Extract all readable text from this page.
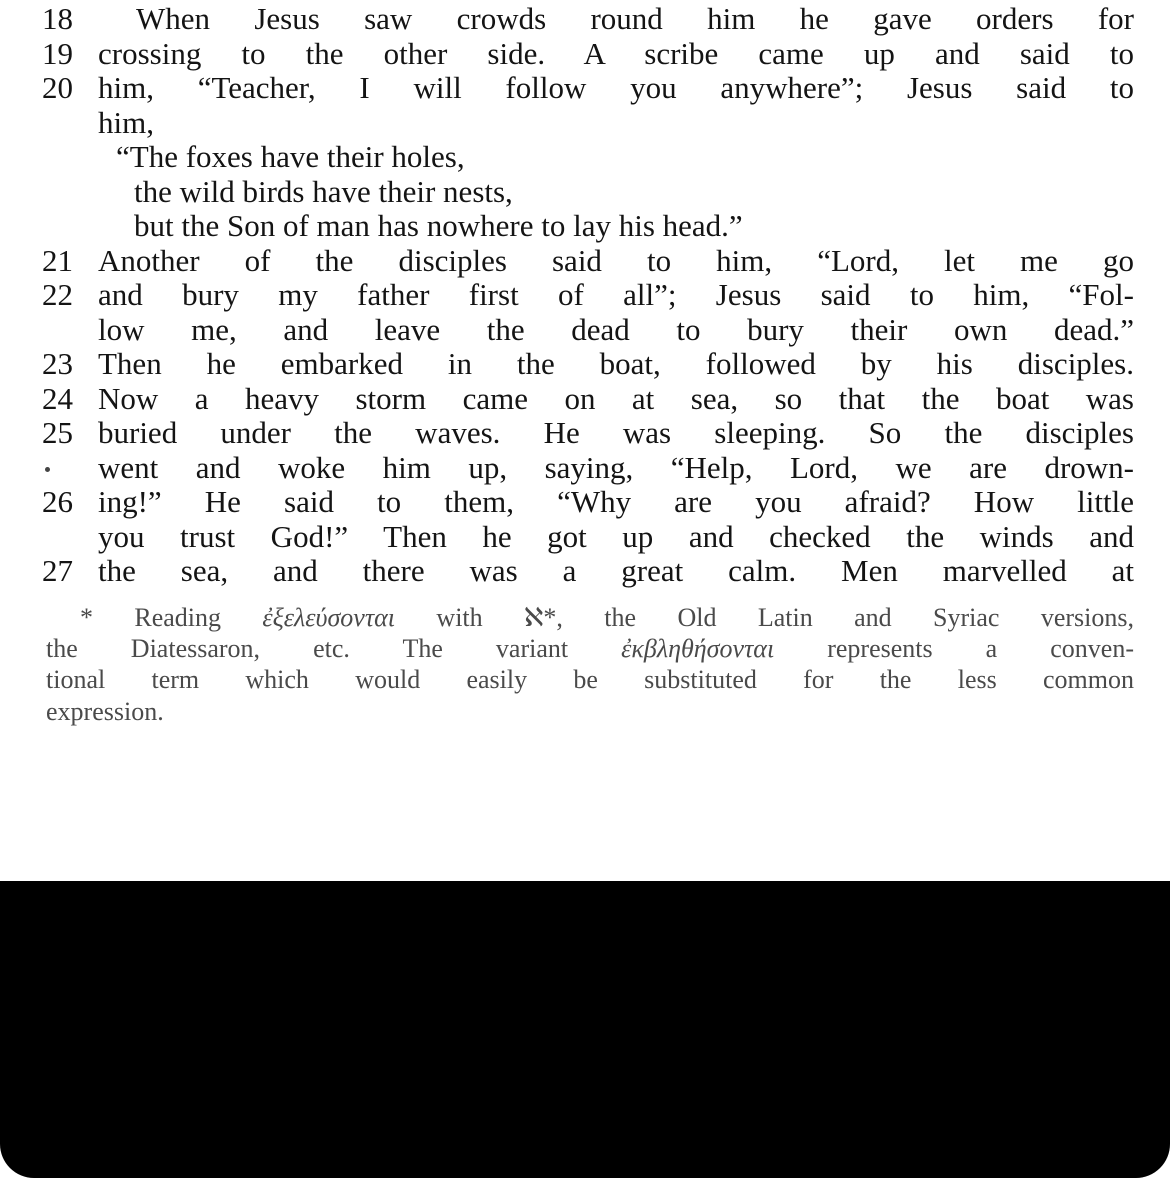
18 When Jesus saw crowds round him he gave orders for
19 crossing to the other side. A scribe came up and said to
20 him, “Teacher, I will follow you anywhere”; Jesus said to
him,
“The foxes have their holes,
the wild birds have their nests,
but the Son of man has nowhere to lay his head.”
21 Another of the disciples said to him, “Lord, let me go
22 and bury my father first of all”; Jesus said to him, “Fol-
low me, and leave the dead to bury their own dead.”
23 Then he embarked in the boat, followed by his disciples.
24 Now a heavy storm came on at sea, so that the boat was
25 buried under the waves. He was sleeping. So the disciples
went and woke him up, saying, “Help, Lord, we are drown-
26 ing!” He said to them, “Why are you afraid? How little
you trust God!” Then he got up and checked the winds and
27 the sea, and there was a great calm. Men marvelled at
* Reading ἐξελεύσονται with ℵ*, the Old Latin and Syriac versions,
the Diatessaron, etc. The variant ἐκβληθήσονται represents a conven-
tional term which would easily be substituted for the less common
expression.
